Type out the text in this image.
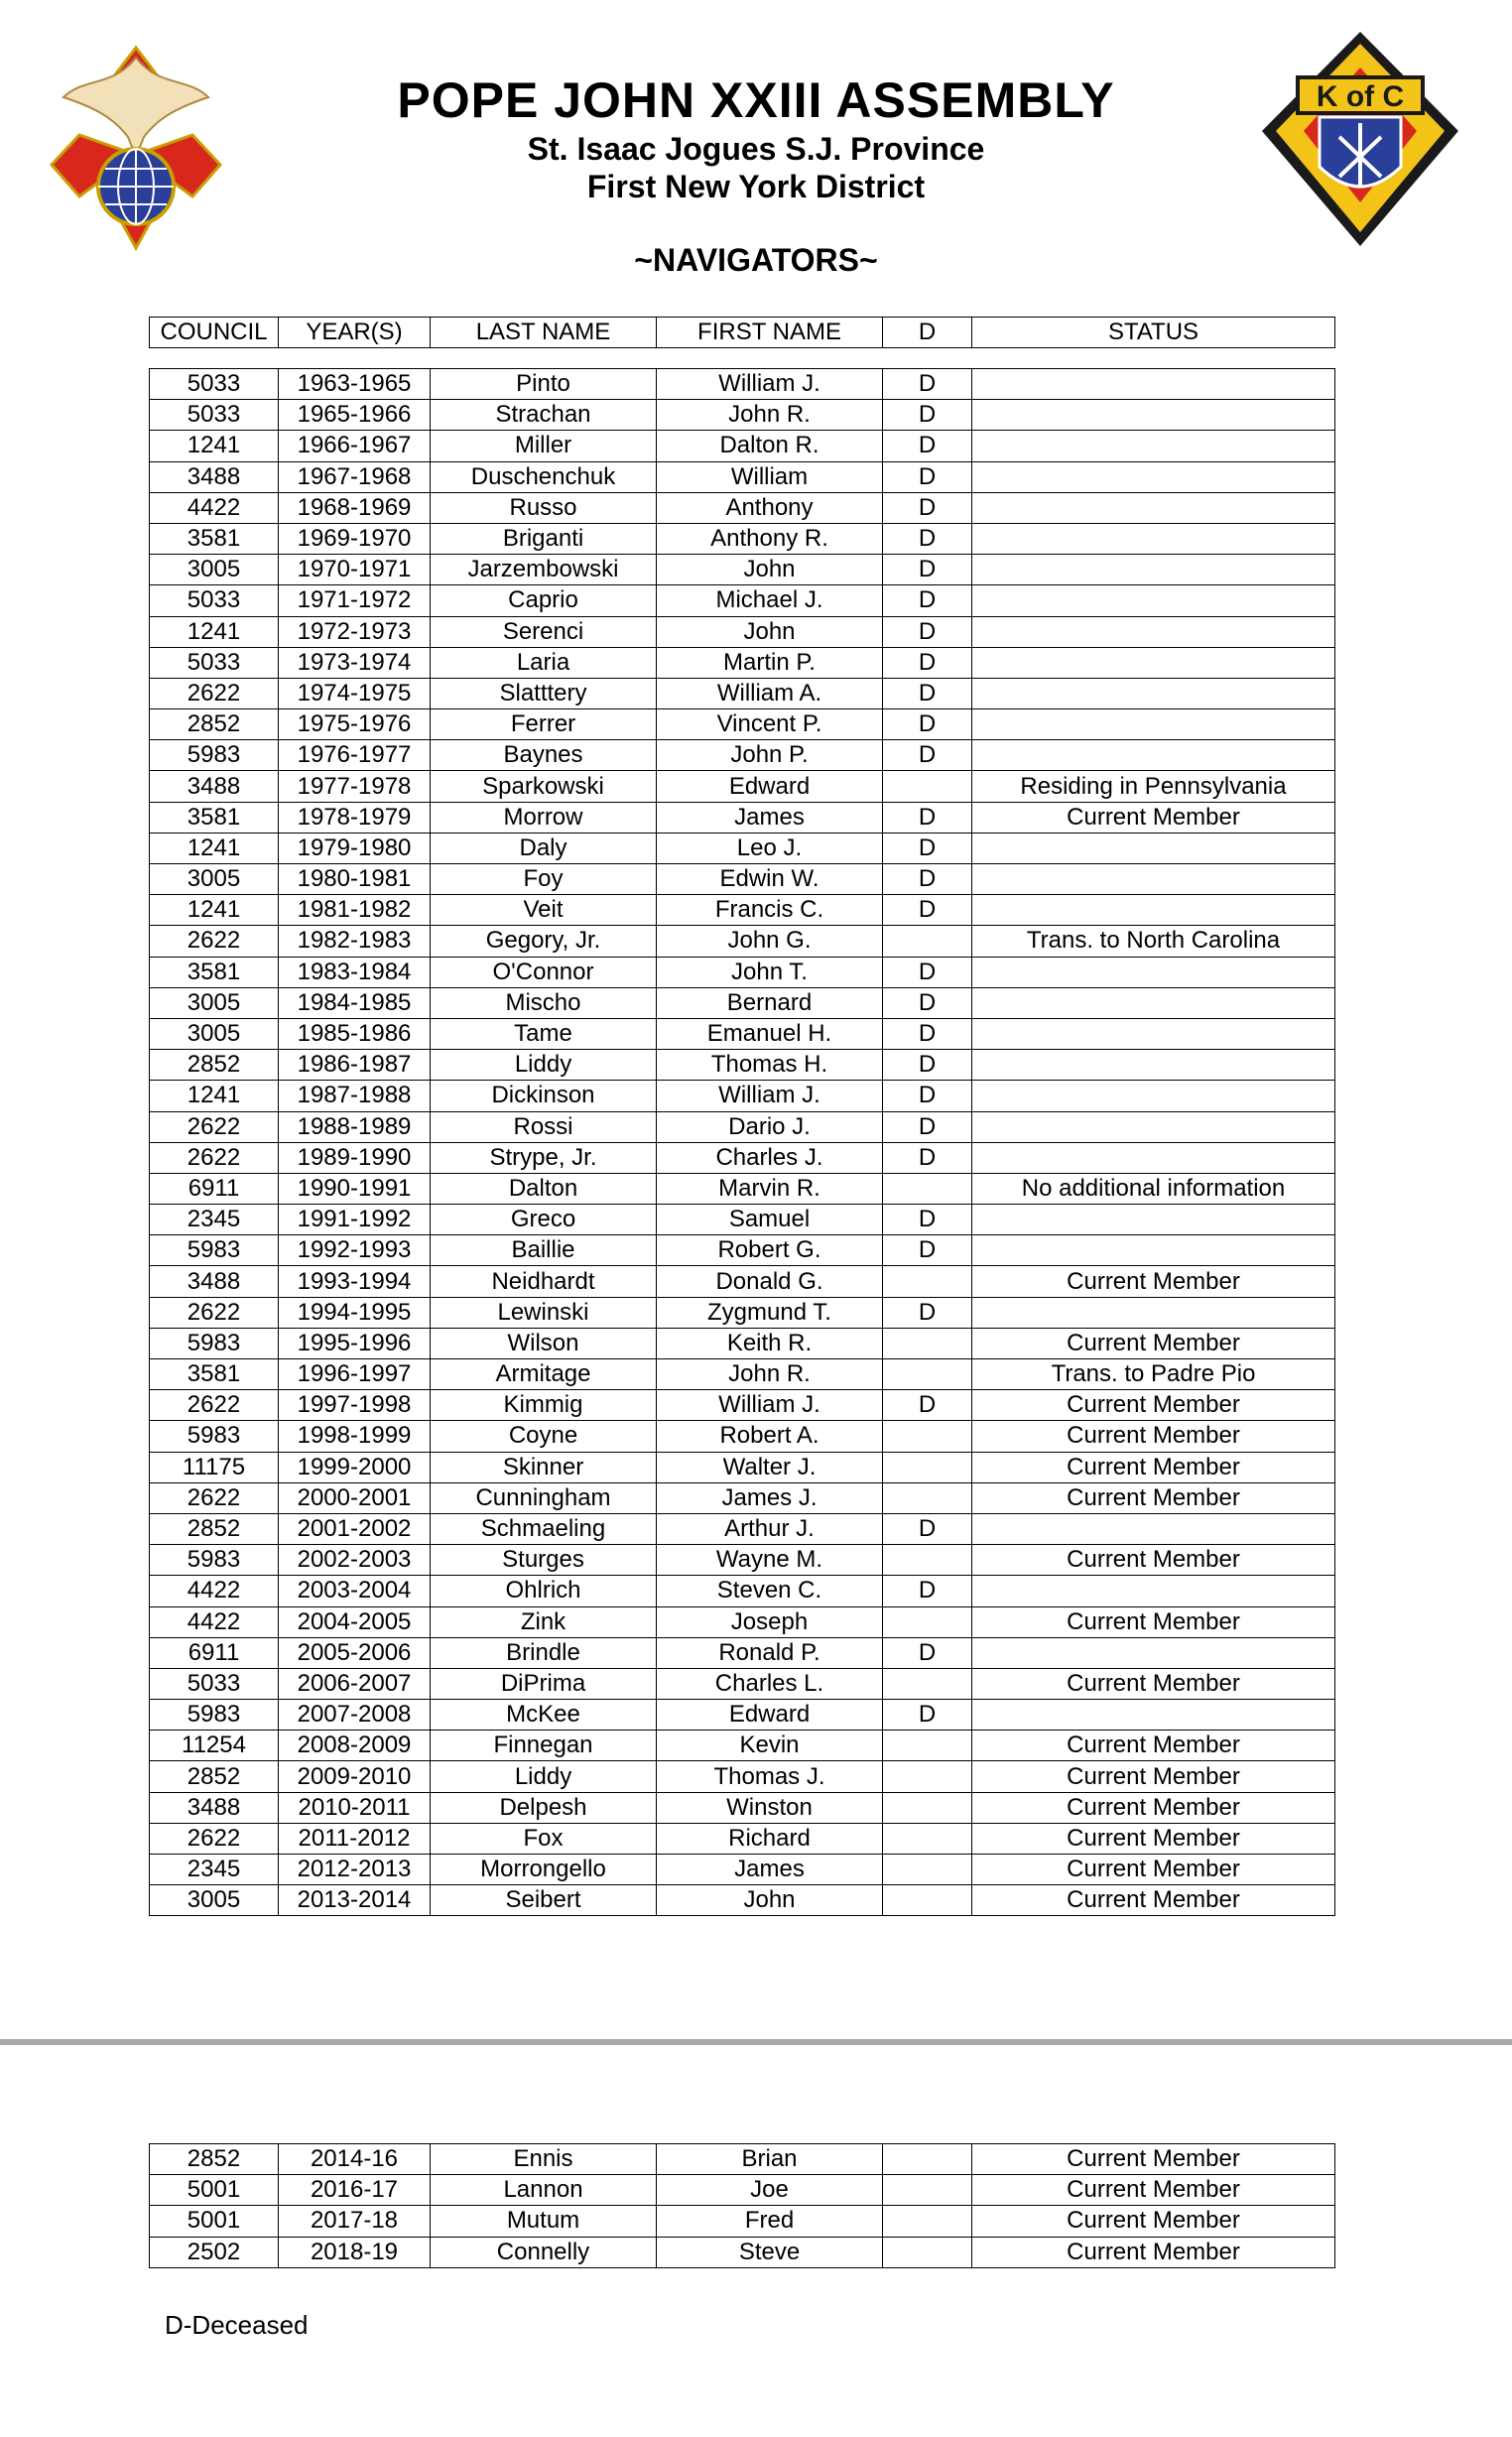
K of C
POPE JOHN XXIII ASSEMBLY
St. Isaac Jogues S.J. Province
First New York District
~NAVIGATORS~
COUNCIL	YEAR(S)	LAST NAME	FIRST NAME	D	STATUS
5033	1963-1965	Pinto	William J.	D	
5033	1965-1966	Strachan	John R.	D	
1241	1966-1967	Miller	Dalton R.	D	
3488	1967-1968	Duschenchuk	William	D	
4422	1968-1969	Russo	Anthony	D	
3581	1969-1970	Briganti	Anthony R.	D	
3005	1970-1971	Jarzembowski	John	D	
5033	1971-1972	Caprio	Michael J.	D	
1241	1972-1973	Serenci	John	D	
5033	1973-1974	Laria	Martin P.	D	
2622	1974-1975	Slatttery	William A.	D	
2852	1975-1976	Ferrer	Vincent P.	D	
5983	1976-1977	Baynes	John P.	D	
3488	1977-1978	Sparkowski	Edward		Residing in Pennsylvania
3581	1978-1979	Morrow	James	D	Current Member
1241	1979-1980	Daly	Leo J.	D	
3005	1980-1981	Foy	Edwin W.	D	
1241	1981-1982	Veit	Francis C.	D	
2622	1982-1983	Gegory, Jr.	John G.		Trans. to North Carolina
3581	1983-1984	O'Connor	John T.	D	
3005	1984-1985	Mischo	Bernard	D	
3005	1985-1986	Tame	Emanuel H.	D	
2852	1986-1987	Liddy	Thomas H.	D	
1241	1987-1988	Dickinson	William J.	D	
2622	1988-1989	Rossi	Dario J.	D	
2622	1989-1990	Strype, Jr.	Charles J.	D	
6911	1990-1991	Dalton	Marvin R.		No additional information
2345	1991-1992	Greco	Samuel	D	
5983	1992-1993	Baillie	Robert G.	D	
3488	1993-1994	Neidhardt	Donald G.		Current Member
2622	1994-1995	Lewinski	Zygmund T.	D	
5983	1995-1996	Wilson	Keith R.		Current Member
3581	1996-1997	Armitage	John R.		Trans. to Padre Pio
2622	1997-1998	Kimmig	William J.	D	Current Member
5983	1998-1999	Coyne	Robert A.		Current Member
11175	1999-2000	Skinner	Walter J.		Current Member
2622	2000-2001	Cunningham	James J.		Current Member
2852	2001-2002	Schmaeling	Arthur J.	D	
5983	2002-2003	Sturges	Wayne M.		Current Member
4422	2003-2004	Ohlrich	Steven C.	D	
4422	2004-2005	Zink	Joseph		Current Member
6911	2005-2006	Brindle	Ronald P.	D	
5033	2006-2007	DiPrima	Charles L.		Current Member
5983	2007-2008	McKee	Edward	D	
11254	2008-2009	Finnegan	Kevin		Current Member
2852	2009-2010	Liddy	Thomas J.		Current Member
3488	2010-2011	Delpesh	Winston		Current Member
2622	2011-2012	Fox	Richard		Current Member
2345	2012-2013	Morrongello	James		Current Member
3005	2013-2014	Seibert	John		Current Member
2852	2014-16	Ennis	Brian		Current Member
5001	2016-17	Lannon	Joe		Current Member
5001	2017-18	Mutum	Fred		Current Member
2502	2018-19	Connelly	Steve		Current Member
D-Deceased
